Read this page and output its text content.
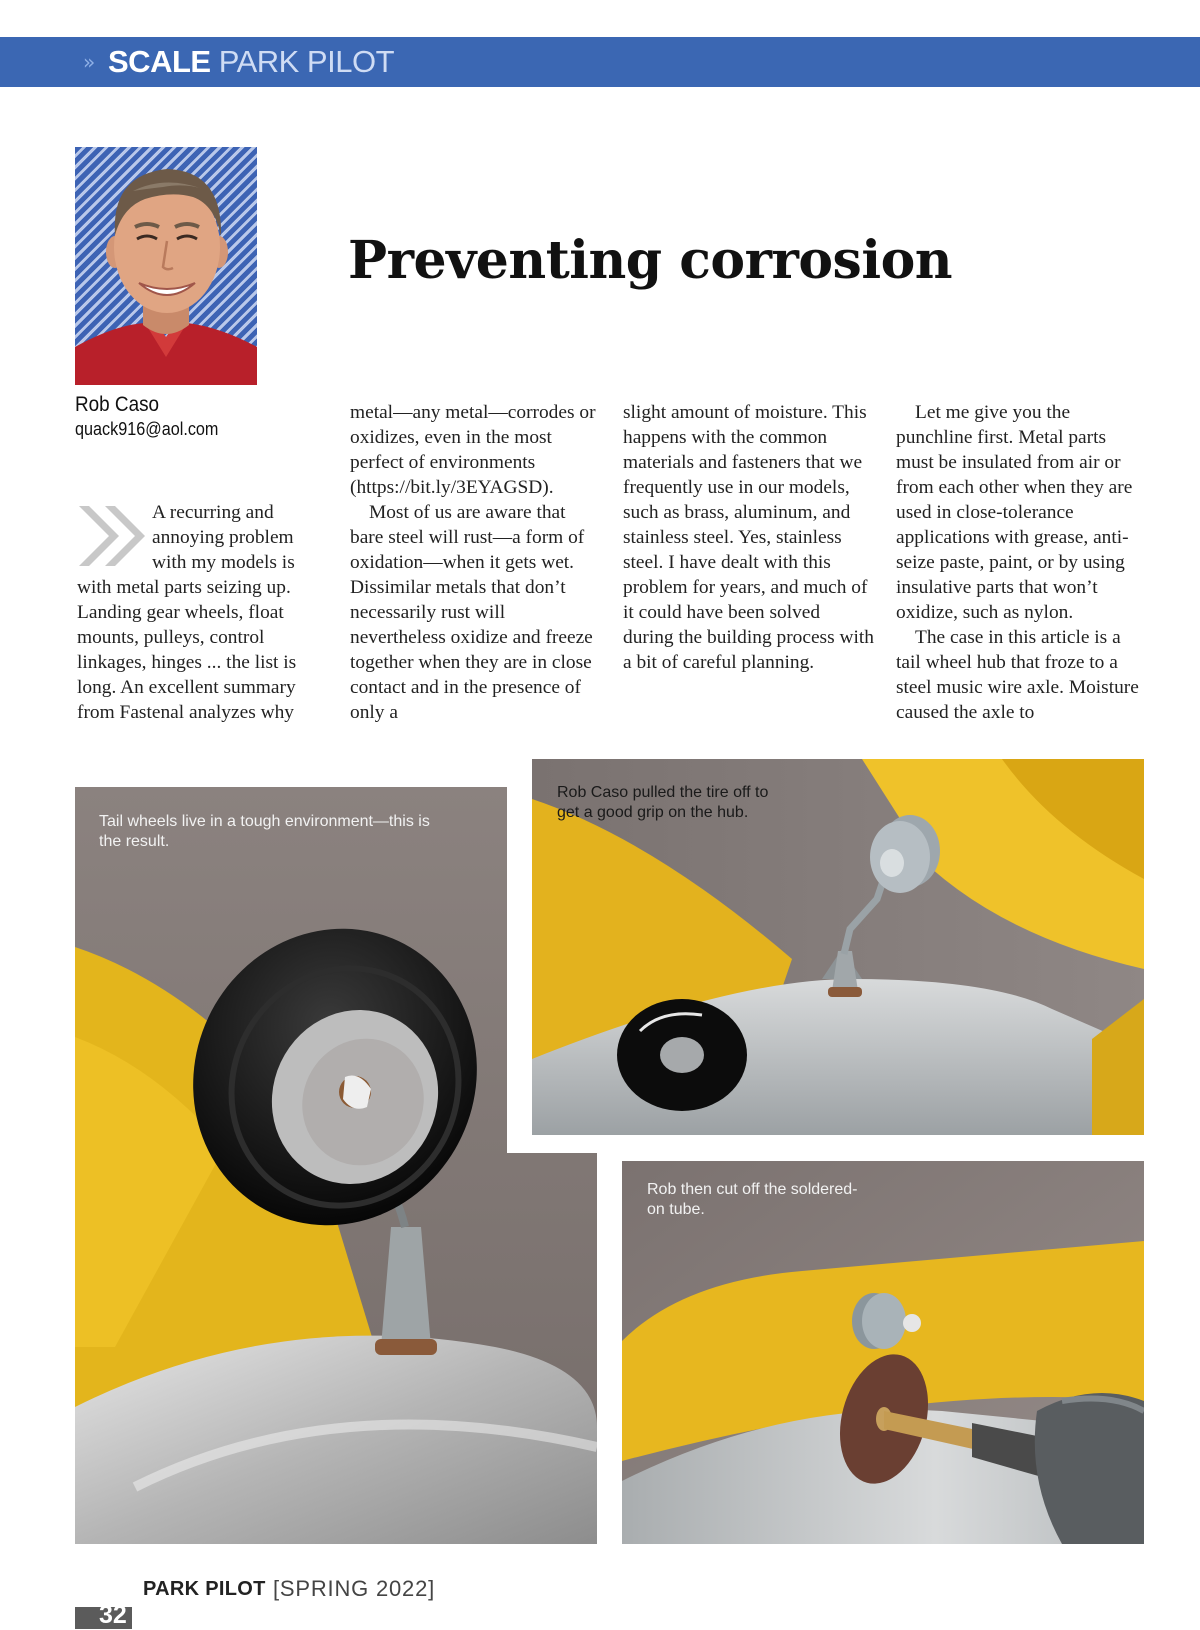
» SCALE PARK PILOT
Rob Caso
quack916@aol.com
Preventing corrosion

A recurring and annoying problem with my models is with metal parts seizing up. Landing gear wheels, float mounts, pulleys, control linkages, hinges ... the list is long. An excellent summary from Fastenal analyzes why

metal—any metal—corrodes or oxidizes, even in the most perfect of environments (https://bit.ly/3EYAGSD).

Most of us are aware that bare steel will rust—a form of oxidation—when it gets wet. Dissimilar metals that don’t necessarily rust will nevertheless oxidize and freeze together when they are in close contact and in the presence of only a

slight amount of moisture. This happens with the common materials and fasteners that we frequently use in our models, such as brass, aluminum, and stainless steel. Yes, stainless steel. I have dealt with this problem for years, and much of it could have been solved during the building process with a bit of careful planning.

Let me give you the punchline first. Metal parts must be insulated from air or from each other when they are used in close-tolerance applications with grease, anti-seize paste, paint, or by using insulative parts that won’t oxidize, such as nylon.

The case in this article is a tail wheel hub that froze to a steel music wire axle. Moisture caused the axle to

Tail wheels live in a tough environment—this is the result.
Rob Caso pulled the tire off to get a good grip on the hub.
Rob then cut off the soldered-on tube.
32
PARK PILOT [SPRING 2022]
